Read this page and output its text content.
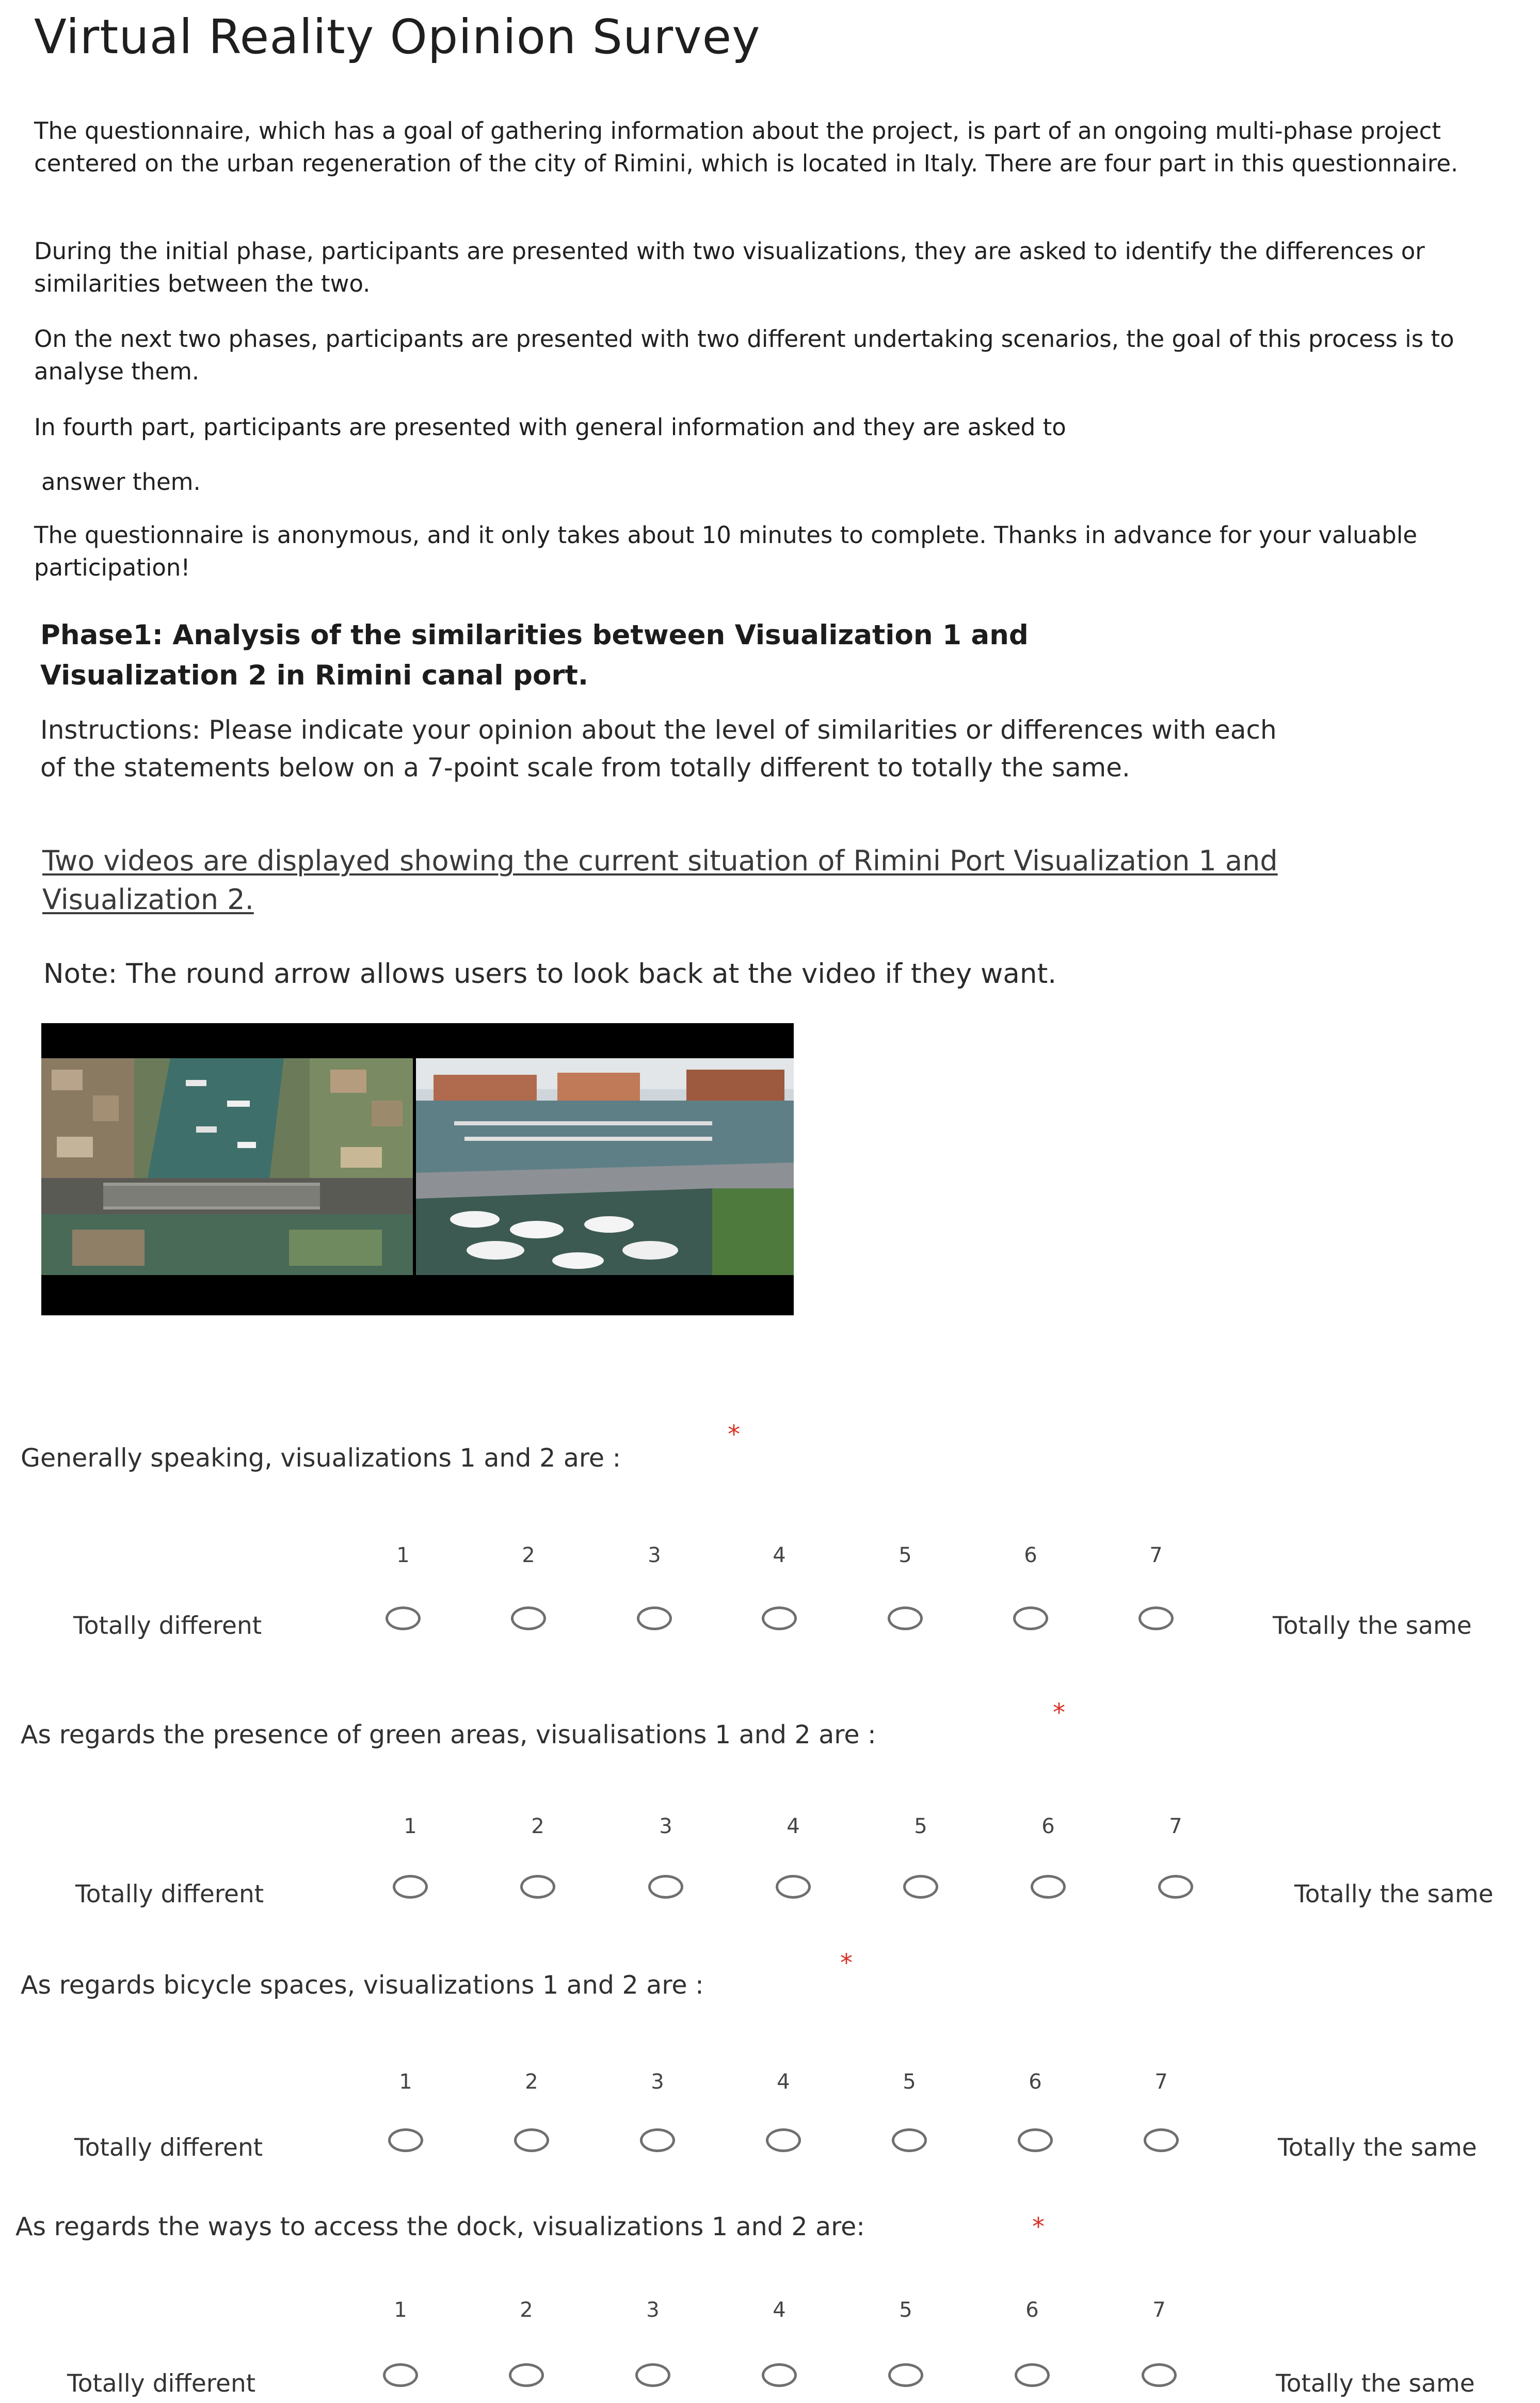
Virtual Reality Opinion Survey
The questionnaire, which has a goal of gathering information about the project, is part of an ongoing multi-phase project centered on the urban regeneration of the city of Rimini, which is located in Italy. There are four part in this questionnaire.
During the initial phase, participants are presented with two visualizations, they are asked to identify the differences or similarities between the two.
On the next two phases, participants are presented with two different undertaking scenarios, the goal of this process is to analyse them.
In fourth part, participants are presented with general information and they are asked to
answer them.
The questionnaire is anonymous, and it only takes about 10 minutes to complete. Thanks in advance for your valuable participation!
Phase1: Analysis of the similarities between Visualization 1 and Visualization 2 in Rimini canal port.
Instructions: Please indicate your opinion about the level of similarities or differences with each of the statements below on a 7-point scale from totally different to totally the same.
Two videos are displayed showing the current situation of Rimini Port Visualization 1 and Visualization 2.
Note: The round arrow allows users to look back at the video if they want.
Generally speaking, visualizations 1 and 2 are :
*
1	2	3	4	5	6	7
Totally different	Totally the same
As regards the presence of green areas, visualisations 1 and 2 are :
*
1	2	3	4	5	6	7
Totally different	Totally the same
As regards bicycle spaces, visualizations 1 and 2 are :
*
1	2	3	4	5	6	7
Totally different	Totally the same
As regards the ways to access the dock, visualizations 1 and 2 are:	*
1	2	3	4	5	6	7
Totally different	Totally the same
